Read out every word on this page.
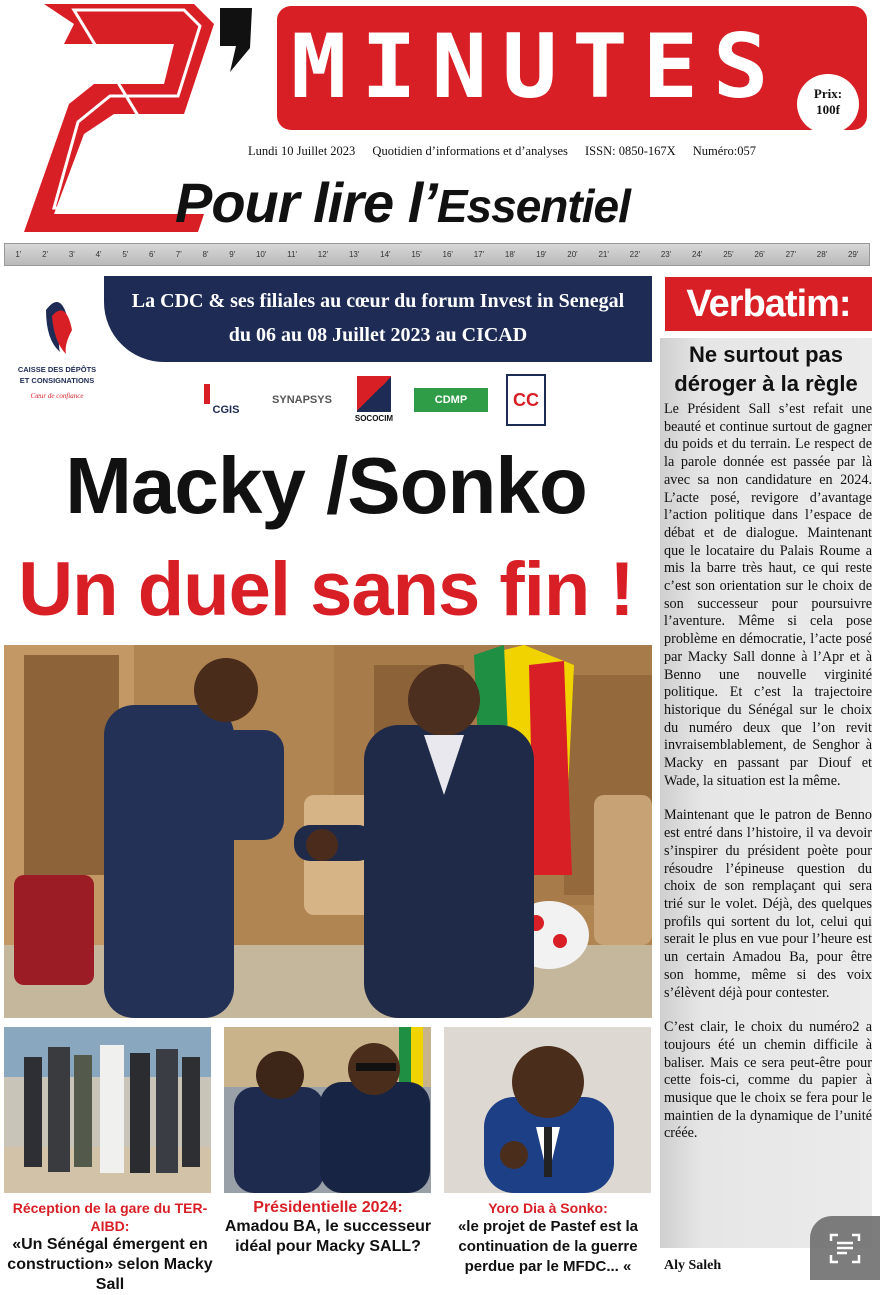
MINUTES	Prix:
100f
Lundi 10 Juillet 2023 Quotidien d’informations et d’analyses ISSN: 0850-167X Numéro:057
Pour lire l’Essentiel
1'	2'	3'	4'	5'	6'	7'	8'	9'	10'	11'	12'	13'	14'	15'	16'	17'	18'	19'	20'	21'	22'	23'	24'	25'	26'	27'	28'	29'
CAISSE DES DÉPÔTS
ET CONSIGNATIONS
Cœur de confiance
La CDC & ses filiales au cœur du forum Invest in Senegal
du 06 au 08 Juillet 2023 au CICAD
CGIS
SYNAPSYS
SOCOCIM
CDMP	CC
Macky /Sonko
Un duel sans fin !
Réception de la gare du TER-AIBD:
«Un Sénégal émergent en construction» selon Macky Sall
Présidentielle 2024:
Amadou BA, le successeur idéal pour Macky SALL?
Yoro Dia à Sonko:
«le projet de Pastef est la continuation de la guerre perdue par le MFDC... «
Verbatim:
Ne surtout pas déroger à la règle

Le Président Sall s’est refait une beauté et continue surtout de gagner du poids et du terrain. Le respect de la parole donnée est passée par là avec sa non candidature en 2024. L’acte posé, revigore d’avantage l’action politique dans l’espace de débat et de dialogue. Maintenant que le locataire du Palais Roume a mis la barre très haut, ce qui reste c’est son orientation sur le choix de son successeur pour poursuivre l’aventure. Même si cela pose problème en démocratie, l’acte posé par Macky Sall donne à l’Apr et à Benno une nouvelle virginité politique. Et c’est la trajectoire historique du Sénégal sur le choix du numéro deux que l’on revit invraisemblablement, de Senghor à Macky en passant par Diouf et Wade, la situation est la même.

Maintenant que le patron de Benno est entré dans l’histoire, il va devoir s’inspirer du président poète pour résoudre l’épineuse question du choix de son remplaçant qui sera trié sur le volet. Déjà, des quelques profils qui sortent du lot, celui qui serait le plus en vue pour l’heure est un certain Amadou Ba, pour être son homme, même si des voix s’élèvent déjà pour contester.

C’est clair, le choix du numéro2 a toujours été un chemin difficile à baliser. Mais ce sera peut-être pour cette fois-ci, comme du papier à musique que le choix se fera pour le maintien de la dynamique de l’unité créée.

Aly Saleh
